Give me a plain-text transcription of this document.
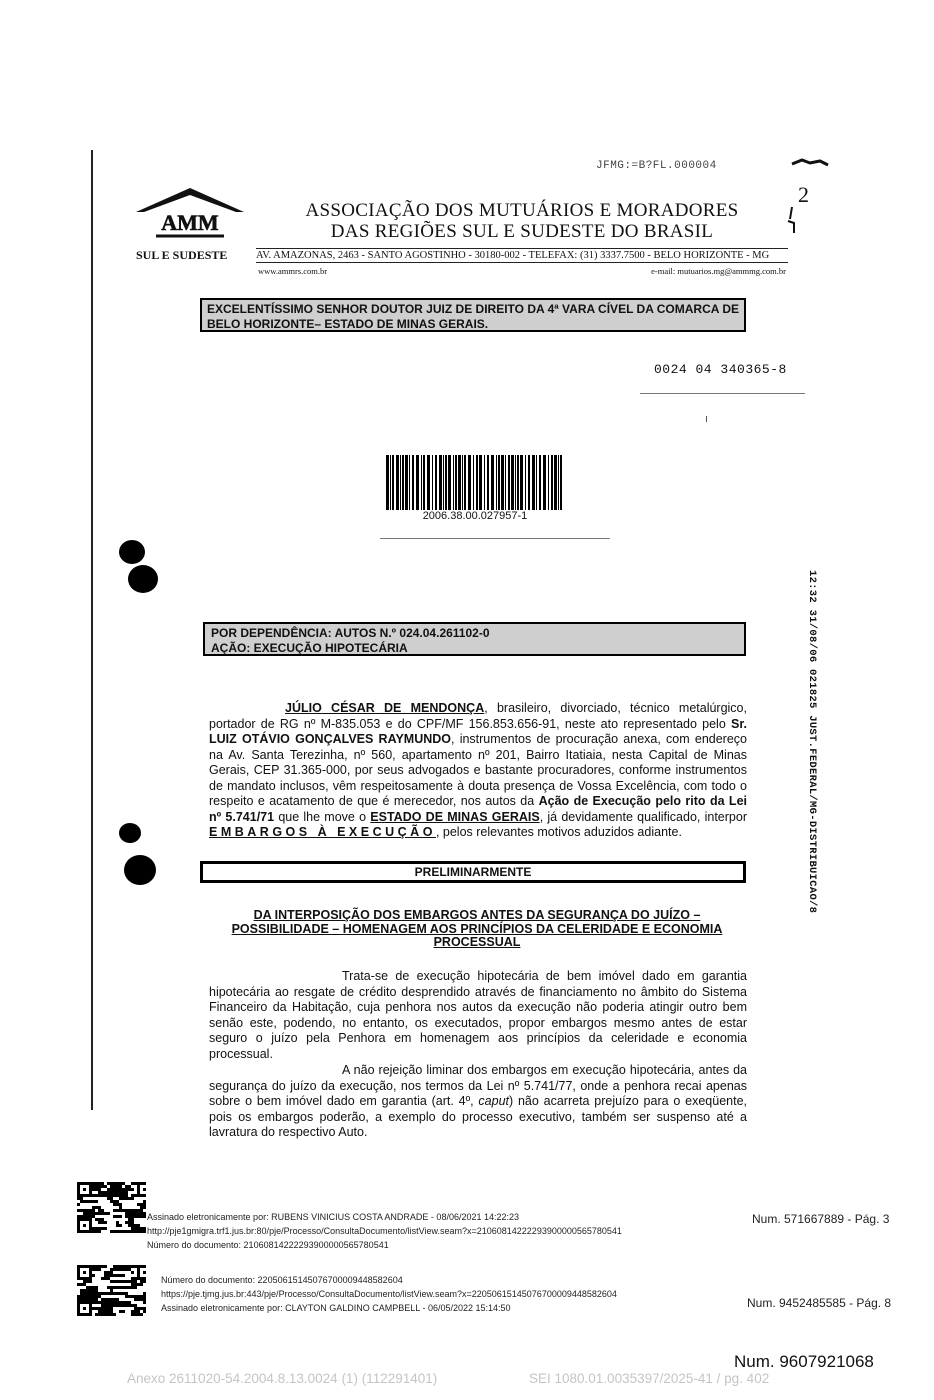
JFMG:=B?FL.000004
2
AMM
SUL E SUDESTE
ASSOCIAÇÃO DOS MUTUÁRIOS E MORADORES
DAS REGIÕES SUL E SUDESTE DO BRASIL
AV. AMAZONAS, 2463 - SANTO AGOSTINHO - 30180-002 - TELEFAX: (31) 3337.7500 - BELO HORIZONTE - MG
www.ammrs.com.br	e-mail: mutuarios.mg@ammmg.com.br
EXCELENTÍSSIMO SENHOR DOUTOR JUIZ DE DIREITO DA 4ª VARA CÍVEL DA COMARCA DE BELO HORIZONTE– ESTADO DE MINAS GERAIS.
0024 04 340365-8
2006.38.00.027957-1
12:32 31/08/06 021825 JUST.FEDERAL/MG-DISTRIBUICAO/8
POR DEPENDÊNCIA: AUTOS N.º 024.04.261102-0
AÇÃO: EXECUÇÃO HIPOTECÁRIA
JÚLIO CÉSAR DE MENDONÇA, brasileiro, divorciado, técnico metalúrgico, portador de RG nº M-835.053 e do CPF/MF 156.853.656-91, neste ato representado pelo Sr. LUIZ OTÁVIO GONÇALVES RAYMUNDO, instrumentos de procuração anexa, com endereço na Av. Santa Terezinha, nº 560, apartamento nº 201, Bairro Itatiaia, nesta Capital de Minas Gerais, CEP 31.365-000, por seus advogados e bastante procuradores, conforme instrumentos de mandato inclusos, vêm respeitosamente à douta presença de Vossa Excelência, com todo o respeito e acatamento de que é merecedor, nos autos da Ação de Execução pelo rito da Lei nº 5.741/71 que lhe move o ESTADO DE MINAS GERAIS, já devidamente qualificado, interpor EMBARGOS À EXECUÇÃO, pelos relevantes motivos aduzidos adiante.
PRELIMINARMENTE
DA INTERPOSIÇÃO DOS EMBARGOS ANTES DA SEGURANÇA DO JUÍZO – POSSIBILIDADE – HOMENAGEM AOS PRINCÍPIOS DA CELERIDADE E ECONOMIA PROCESSUAL
Trata-se de execução hipotecária de bem imóvel dado em garantia hipotecária ao resgate de crédito desprendido através de financiamento no âmbito do Sistema Financeiro da Habitação, cuja penhora nos autos da execução não poderia atingir outro bem senão este, podendo, no entanto, os executados, propor embargos mesmo antes de estar seguro o juízo pela Penhora em homenagem aos princípios da celeridade e economia processual.
A não rejeição liminar dos embargos em execução hipotecária, antes da segurança do juízo da execução, nos termos da Lei nº 5.741/77, onde a penhora recai apenas sobre o bem imóvel dado em garantia (art. 4º, caput) não acarreta prejuízo para o exeqüente, pois os embargos poderão, a exemplo do processo executivo, também ser suspenso até a lavratura do respectivo Auto.
Assinado eletronicamente por: RUBENS VINICIUS COSTA ANDRADE - 08/06/2021 14:22:23
http://pje1gmigra.trf1.jus.br:80/pje/Processo/ConsultaDocumento/listView.seam?x=21060814222293900000565780541
Número do documento: 21060814222293900000565780541
Num. 571667889 - Pág. 3
Número do documento: 22050615145076700009448582604
https://pje.tjmg.jus.br:443/pje/Processo/ConsultaDocumento/listView.seam?x=22050615145076700009448582604
Assinado eletronicamente por: CLAYTON GALDINO CAMPBELL - 06/05/2022 15:14:50	Num. 9452485585 - Pág. 8
Num. 9607921068
Anexo 2611020-54.2004.8.13.0024 (1) (112291401)	SEI 1080.01.0035397/2025-41 / pg. 402
